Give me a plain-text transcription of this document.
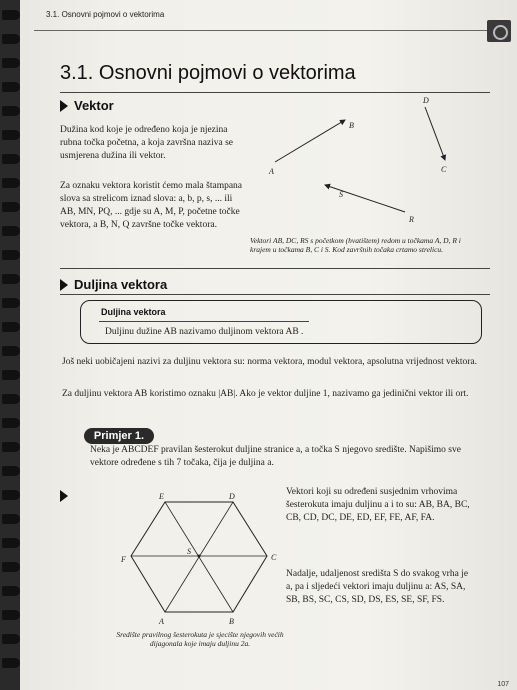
3.1. Osnovni pojmovi o vektorima
3.1. Osnovni pojmovi o vektorima
Vektor
Dužina kod koje je određeno koja je njezina rubna točka početna, a koja završna naziva se usmjerena dužina ili vektor.
Za oznaku vektora koristit ćemo mala štampana slova sa strelicom iznad slova: a, b, p, s, ... ili AB, MN, PQ, ... gdje su A, M, P, početne točke vektora, a B, N, Q završne točke vektora.
B
A
D
C
S
R
Vektori AB, DC, RS s početkom (hvatištem) redom u točkama A, D, R i krajem u točkama B, C i S. Kod završnih točaka crtamo strelicu.
Duljina vektora
Duljina vektora
Duljinu dužine AB nazivamo duljinom vektora AB .
Još neki uobičajeni nazivi za duljinu vektora su: norma vektora, modul vektora, apsolutna vrijednost vektora.
Za duljinu vektora AB koristimo oznaku |AB|. Ako je vektor duljine 1, nazivamo ga jedinični vektor ili ort.
Primjer 1.
Neka je ABCDEF pravilan šesterokut duljine stranice a, a točka S njegovo središte. Napišimo sve vektore određene s tih 7 točaka, čija je duljina a.
E	D
F
S
C
A	B
Središte pravilnog šesterokuta je sjecište njegovih većih dijagonala koje imaju duljinu 2a.
Vektori koji su određeni susjednim vrhovima šesterokuta imaju duljinu a i to su: AB, BA, BC, CB, CD, DC, DE, ED, EF, FE, AF, FA.
Nadalje, udaljenost središta S do svakog vrha je a, pa i sljedeći vektori imaju duljinu a: AS, SA, SB, BS, SC, CS, SD, DS, ES, SE, SF, FS.
107
